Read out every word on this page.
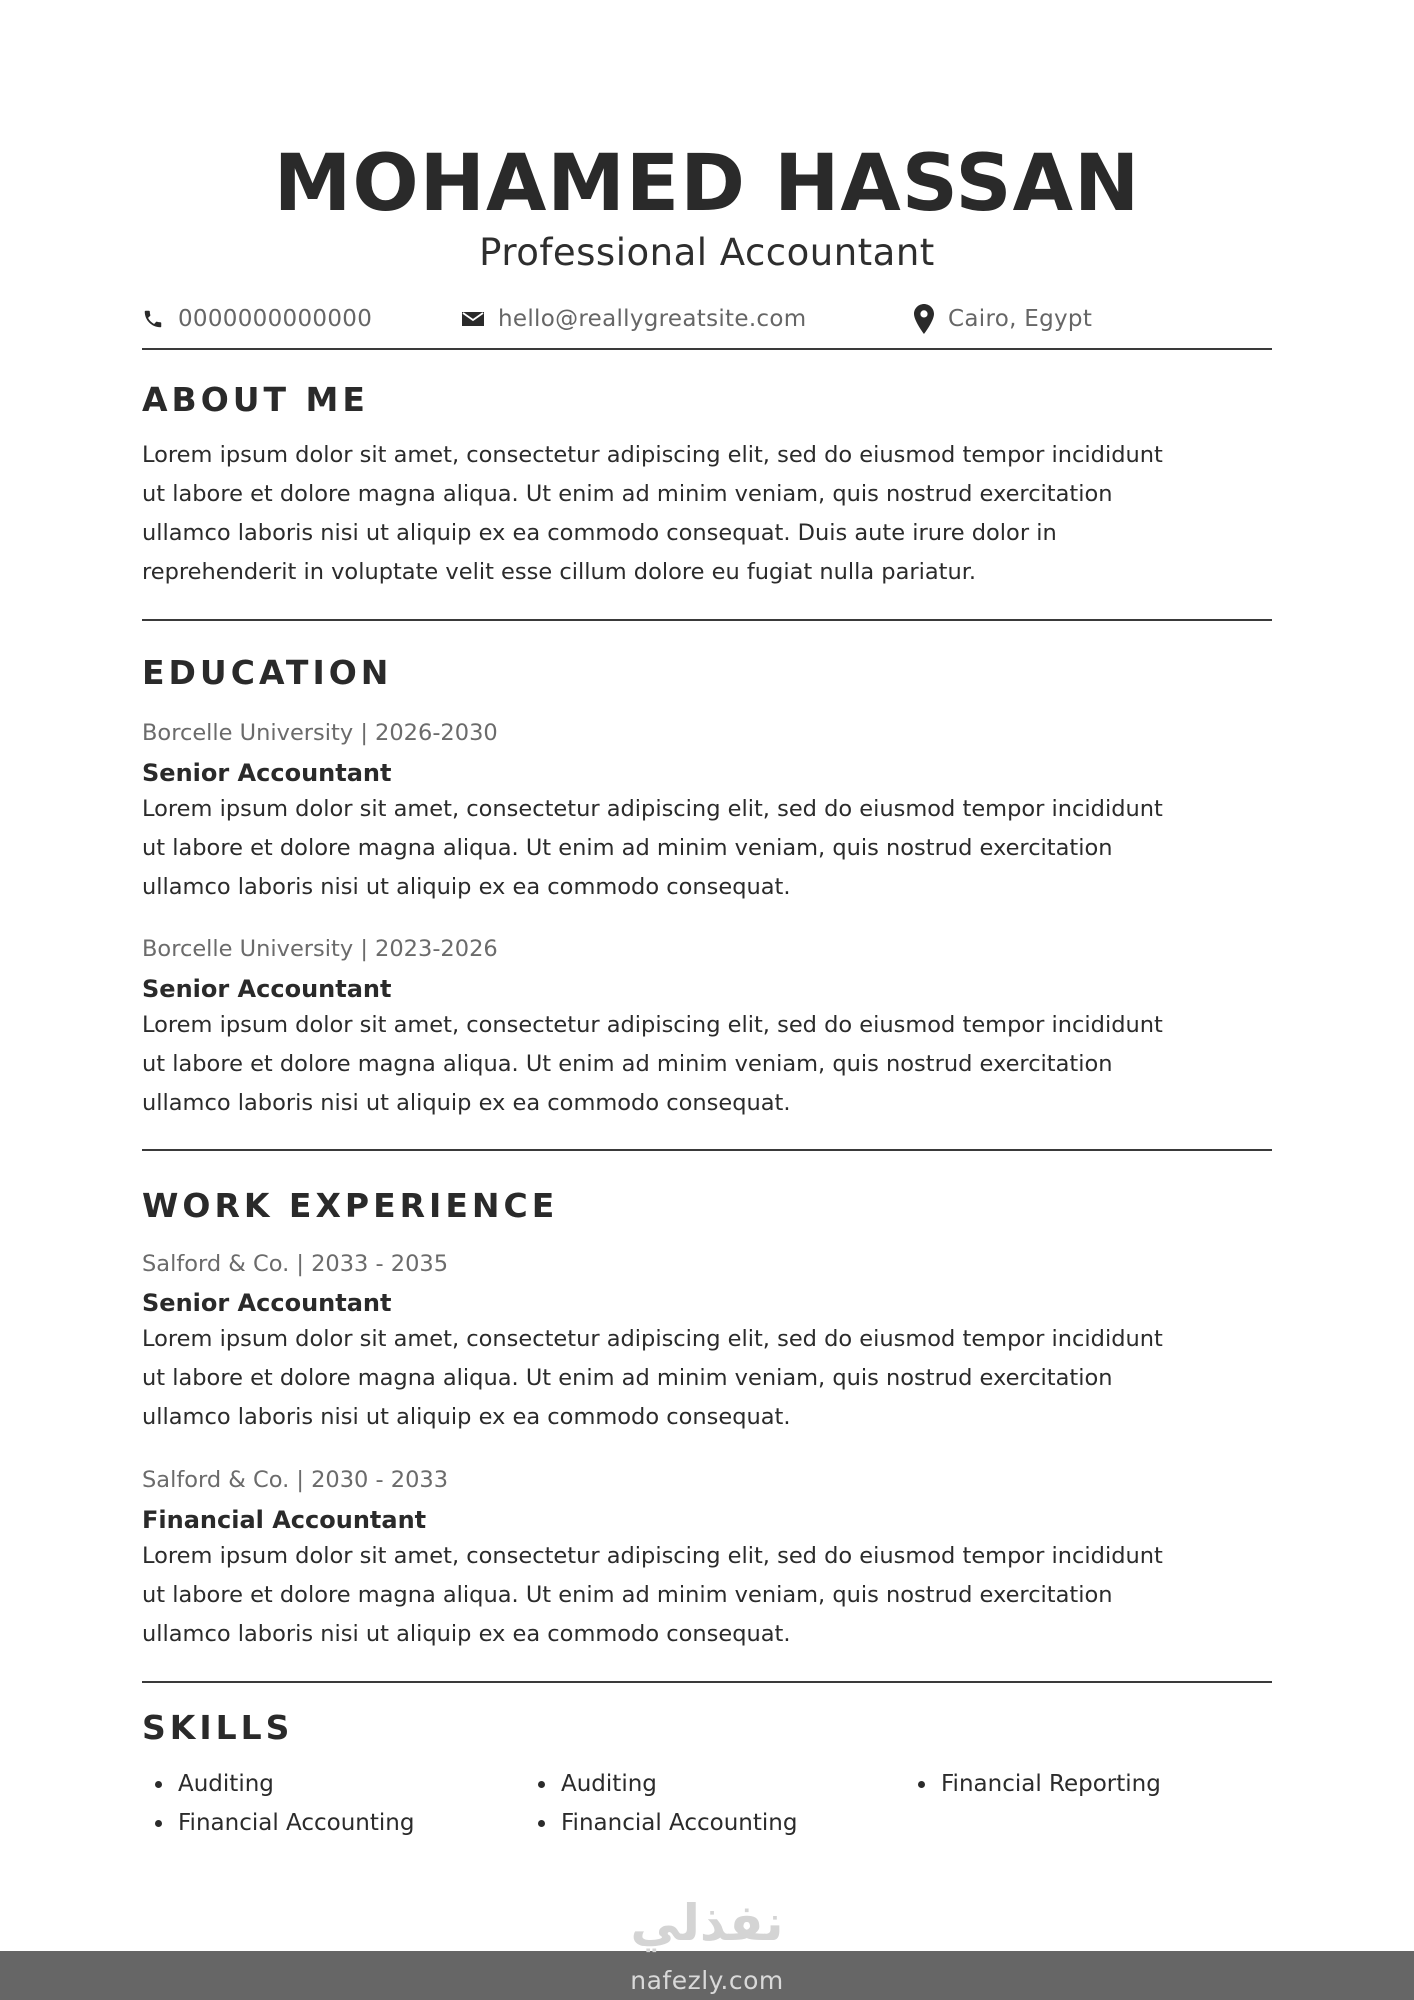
MOHAMED HASSAN
Professional Accountant
0000000000000	hello@reallygreatsite.com	Cairo, Egypt
ABOUT ME
Lorem ipsum dolor sit amet, consectetur adipiscing elit, sed do eiusmod tempor incididunt
ut labore et dolore magna aliqua. Ut enim ad minim veniam, quis nostrud exercitation
ullamco laboris nisi ut aliquip ex ea commodo consequat. Duis aute irure dolor in
reprehenderit in voluptate velit esse cillum dolore eu fugiat nulla pariatur.
EDUCATION
Borcelle University | 2026-2030
Senior Accountant
Lorem ipsum dolor sit amet, consectetur adipiscing elit, sed do eiusmod tempor incididunt
ut labore et dolore magna aliqua. Ut enim ad minim veniam, quis nostrud exercitation
ullamco laboris nisi ut aliquip ex ea commodo consequat.
Borcelle University | 2023-2026
Senior Accountant
Lorem ipsum dolor sit amet, consectetur adipiscing elit, sed do eiusmod tempor incididunt
ut labore et dolore magna aliqua. Ut enim ad minim veniam, quis nostrud exercitation
ullamco laboris nisi ut aliquip ex ea commodo consequat.
WORK EXPERIENCE
Salford & Co. | 2033 - 2035
Senior Accountant
Lorem ipsum dolor sit amet, consectetur adipiscing elit, sed do eiusmod tempor incididunt
ut labore et dolore magna aliqua. Ut enim ad minim veniam, quis nostrud exercitation
ullamco laboris nisi ut aliquip ex ea commodo consequat.
Salford & Co. | 2030 - 2033
Financial Accountant
Lorem ipsum dolor sit amet, consectetur adipiscing elit, sed do eiusmod tempor incididunt
ut labore et dolore magna aliqua. Ut enim ad minim veniam, quis nostrud exercitation
ullamco laboris nisi ut aliquip ex ea commodo consequat.
SKILLS
Auditing
Financial Accounting
Auditing
Financial Accounting
Financial Reporting
نفذلي
nafezly.com
